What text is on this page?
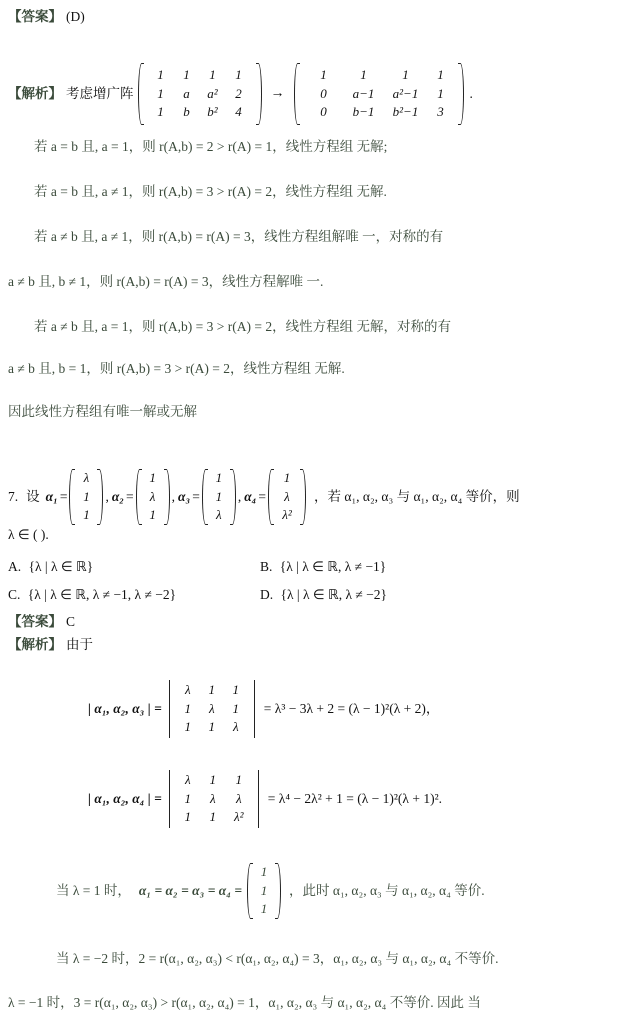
【答案】 (D)
【解析】 考虑增广阵
1	1	1	1
1	a	a²	2
1	b	b²	4
→
1	1	1	1
0	a−1	a²−1	1
0	b−1	b²−1	3
.
若 a = b 且, a = 1，则 r(A,b) = 2 > r(A) = 1，线性方程组 无解;
若 a = b 且, a ≠ 1，则 r(A,b) = 3 > r(A) = 2，线性方程组 无解.
若 a ≠ b 且, a ≠ 1，则 r(A,b) = r(A) = 3，线性方程组解唯 一，对称的有
a ≠ b 且, b ≠ 1，则 r(A,b) = r(A) = 3，线性方程解唯 一.
若 a ≠ b 且, a = 1，则 r(A,b) = 3 > r(A) = 2，线性方程组 无解，对称的有
a ≠ b 且, b = 1，则 r(A,b) = 3 > r(A) = 2，线性方程组 无解.
因此线性方程组有唯一解或无解
7. 设 α₁ =
λ
1
1
, α₂ =
1
λ
1
, α₃ =
1
1
λ
, α₄ =
1
λ
λ²
，若 α₁, α₂, α₃ 与 α₁, α₂, α₄ 等价，则
λ ∈ ( ).
A. {λ | λ ∈ ℝ}	B. {λ | λ ∈ ℝ, λ ≠ −1}
C. {λ | λ ∈ ℝ, λ ≠ −1, λ ≠ −2}	D. {λ | λ ∈ ℝ, λ ≠ −2}
【答案】 C
【解析】 由于
| α₁, α₂, α₃ | =
λ	1	1
1	λ	1
1	1	λ
= λ³ − 3λ + 2 = (λ − 1)²(λ + 2)，
| α₁, α₂, α₄ | =
λ	1	1
1	λ	λ
1	1	λ²
= λ⁴ − 2λ² + 1 = (λ − 1)²(λ + 1)².
当 λ = 1 时， α₁ = α₂ = α₃ = α₄ =
1
1
1
，此时 α₁, α₂, α₃ 与 α₁, α₂, α₄ 等价.
当 λ = −2 时，2 = r(α₁, α₂, α₃) < r(α₁, α₂, α₄) = 3，α₁, α₂, α₃ 与 α₁, α₂, α₄ 不等价.
λ = −1 时，3 = r(α₁, α₂, α₃) > r(α₁, α₂, α₄) = 1，α₁, α₂, α₃ 与 α₁, α₂, α₄ 不等价. 因此 当
